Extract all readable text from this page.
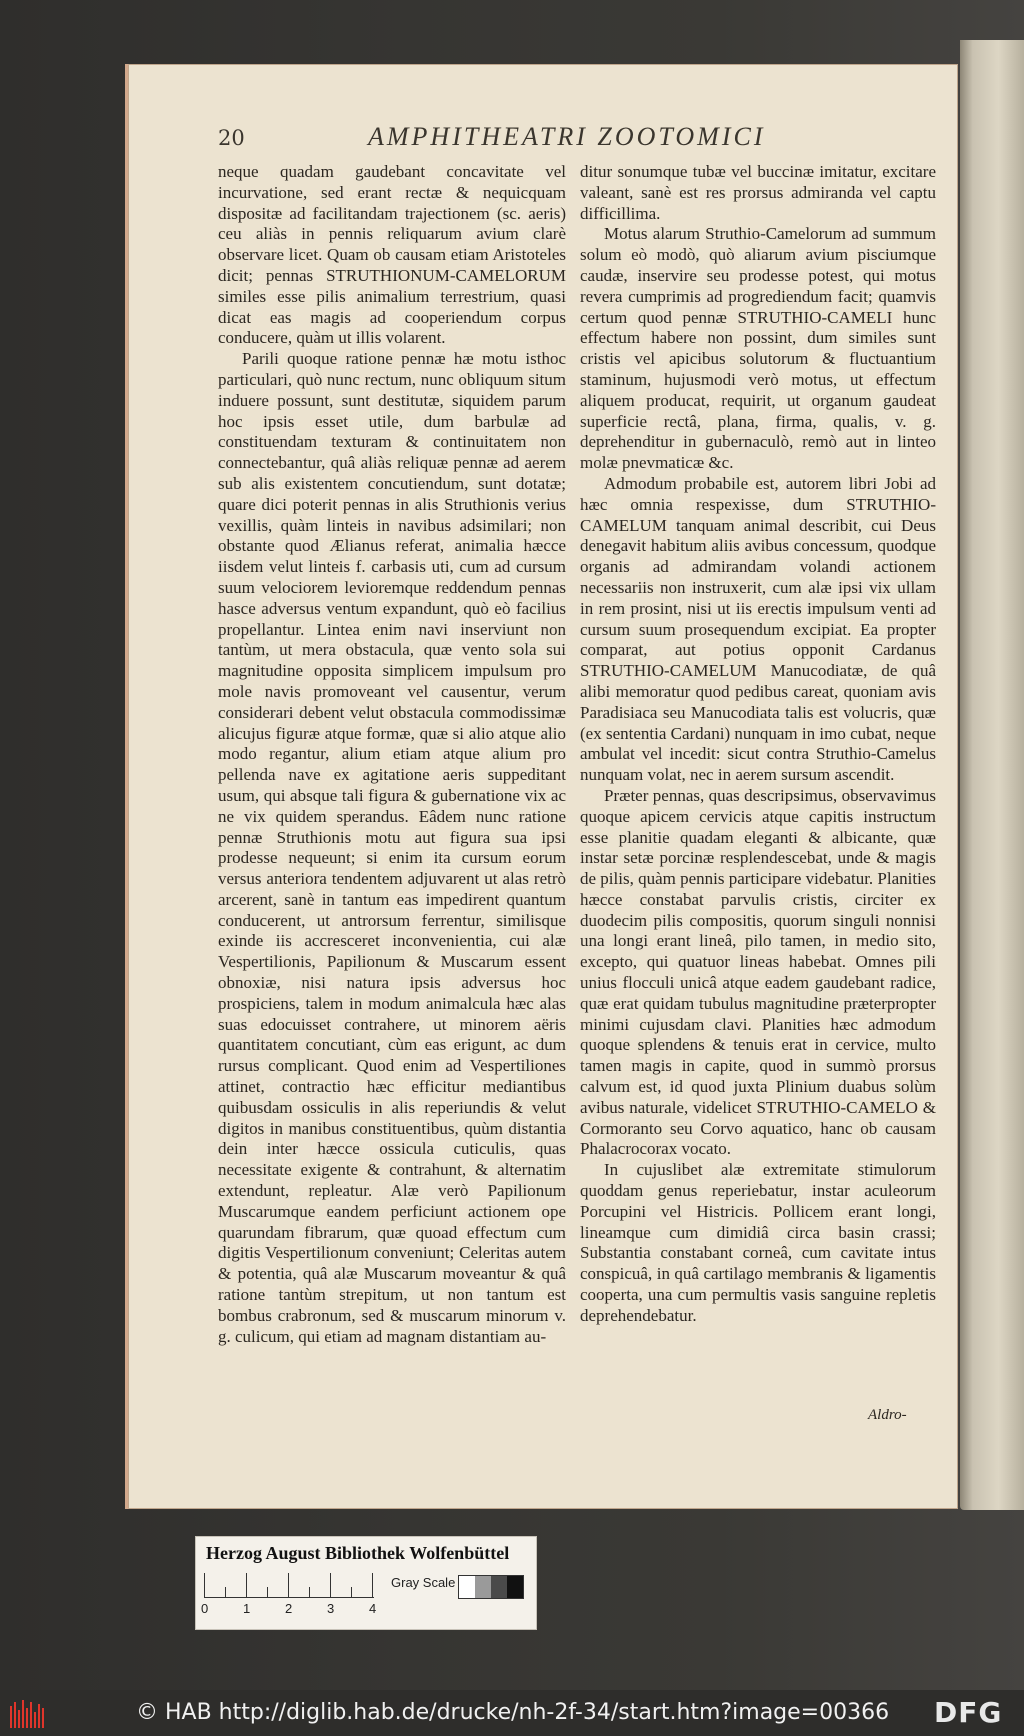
20	AMPHITHEATRI ZOOTOMICI

neque quadam gaudebant concavitate vel incurvatione, sed erant rectæ & nequicquam dispositæ ad facilitandam trajectionem (sc. aeris) ceu aliàs in pennis reliquarum avium clarè observare licet. Quam ob causam etiam Aristoteles dicit; pennas STRUTHIONUM-CAMELORUM similes esse pilis animalium terrestrium, quasi dicat eas magis ad cooperiendum corpus conducere, quàm ut illis volarent.

Parili quoque ratione pennæ hæ motu isthoc particulari, quò nunc rectum, nunc obliquum situm induere possunt, sunt destitutæ, siquidem parum hoc ipsis esset utile, dum barbulæ ad constituendam texturam & continuitatem non connectebantur, quâ aliàs reliquæ pennæ ad aerem sub alis existentem concutiendum, sunt dotatæ; quare dici poterit pennas in alis Struthionis verius vexillis, quàm linteis in navibus adsimilari; non obstante quod Ælianus referat, animalia hæcce iisdem velut linteis f. carbasis uti, cum ad cursum suum velociorem levioremque reddendum pennas hasce adversus ventum expandunt, quò eò facilius propellantur. Lintea enim navi inserviunt non tantùm, ut mera obstacula, quæ vento sola sui magnitudine opposita simplicem impulsum pro mole navis promoveant vel causentur, verum considerari debent velut obstacula commodissimæ alicujus figuræ atque formæ, quæ si alio atque alio modo regantur, alium etiam atque alium pro pellenda nave ex agitatione aeris suppeditant usum, qui absque tali figura & gubernatione vix ac ne vix quidem sperandus. Eâdem nunc ratione pennæ Struthionis motu aut figura sua ipsi prodesse nequeunt; si enim ita cursum eorum versus anteriora tendentem adjuvarent ut alas retrò arcerent, sanè in tantum eas impedirent quantum conducerent, ut antrorsum ferrentur, similisque exinde iis accresceret inconvenientia, cui alæ Vespertilionis, Papilionum & Muscarum essent obnoxiæ, nisi natura ipsis adversus hoc prospiciens, talem in modum animalcula hæc alas suas edocuisset contrahere, ut minorem aëris quantitatem concutiant, cùm eas erigunt, ac dum rursus complicant. Quod enim ad Vespertiliones attinet, contractio hæc efficitur mediantibus quibusdam ossiculis in alis reperiundis & velut digitos in manibus constituentibus, quùm distantia dein inter hæcce ossicula cuticulis, quas necessitate exigente & contrahunt, & alternatim extendunt, repleatur. Alæ verò Papilionum Muscarumque eandem perficiunt actionem ope quarundam fibrarum, quæ quoad effectum cum digitis Vespertilionum conveniunt; Celeritas autem & potentia, quâ alæ Muscarum moveantur & quâ ratione tantùm strepitum, ut non tantum est bombus crabronum, sed & muscarum minorum v. g. culicum, qui etiam ad magnam distantiam au-

ditur sonumque tubæ vel buccinæ imitatur, excitare valeant, sanè est res prorsus admiranda vel captu difficillima.

Motus alarum Struthio-Camelorum ad summum solum eò modò, quò aliarum avium pisciumque caudæ, inservire seu prodesse potest, qui motus revera cumprimis ad progrediendum facit; quamvis certum quod pennæ STRUTHIO-CAMELI hunc effectum habere non possint, dum similes sunt cristis vel apicibus solutorum & fluctuantium staminum, hujusmodi verò motus, ut effectum aliquem producat, requirit, ut organum gaudeat superficie rectâ, plana, firma, qualis, v. g. deprehenditur in gubernaculò, remò aut in linteo molæ pnevmaticæ &c.

Admodum probabile est, autorem libri Jobi ad hæc omnia respexisse, dum STRUTHIO-CAMELUM tanquam animal describit, cui Deus denegavit habitum aliis avibus concessum, quodque organis ad admirandam volandi actionem necessariis non instruxerit, cum alæ ipsi vix ullam in rem prosint, nisi ut iis erectis impulsum venti ad cursum suum prosequendum excipiat. Ea propter comparat, aut potius opponit Cardanus STRUTHIO-CAMELUM Manucodiatæ, de quâ alibi memoratur quod pedibus careat, quoniam avis Paradisiaca seu Manucodiata talis est volucris, quæ (ex sententia Cardani) nunquam in imo cubat, neque ambulat vel incedit: sicut contra Struthio-Camelus nunquam volat, nec in aerem sursum ascendit.

Præter pennas, quas descripsimus, observavimus quoque apicem cervicis atque capitis instructum esse planitie quadam eleganti & albicante, quæ instar setæ porcinæ resplendescebat, unde & magis de pilis, quàm pennis participare videbatur. Planities hæcce constabat parvulis cristis, circiter ex duodecim pilis compositis, quorum singuli nonnisi una longi erant lineâ, pilo tamen, in medio sito, excepto, qui quatuor lineas habebat. Omnes pili unius flocculi unicâ atque eadem gaudebant radice, quæ erat quidam tubulus magnitudine præterpropter minimi cujusdam clavi. Planities hæc admodum quoque splendens & tenuis erat in cervice, multo tamen magis in capite, quod in summò prorsus calvum est, id quod juxta Plinium duabus solùm avibus naturale, videlicet STRUTHIO-CAMELO & Cormoranto seu Corvo aquatico, hanc ob causam Phalacrocorax vocato.

In cujuslibet alæ extremitate stimulorum quoddam genus reperiebatur, instar aculeorum Porcupini vel Histricis. Pollicem erant longi, lineamque cum dimidiâ circa basin crassi; Substantia constabant corneâ, cum cavitate intus conspicuâ, in quâ cartilago membranis & ligamentis cooperta, una cum permultis vasis sanguine repletis deprehendebatur.

Aldro-
Herzog August Bibliothek Wolfenbüttel
0	1	2	3	4
Gray Scale
© HAB http://diglib.hab.de/drucke/nh-2f-34/start.htm?image=00366 DFG
